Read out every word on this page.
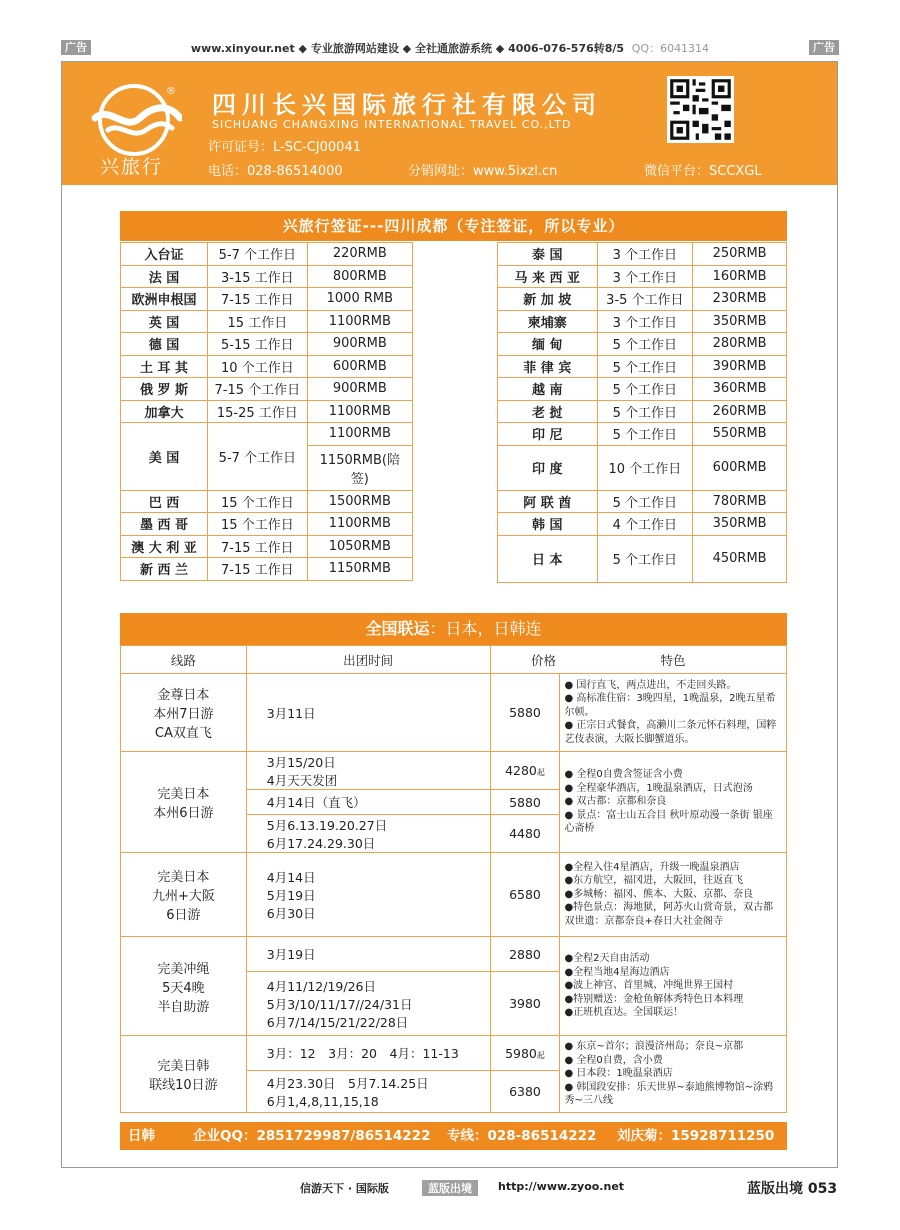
广告	广告
www.xinyour.net ◆ 专业旅游网站建设 ◆ 全社通旅游系统 ◆ 4006-076-576转8/5 QQ：6041314
®
兴旅行
四川长兴国际旅行社有限公司
SICHUANG CHANGXING INTERNATIONAL TRAVEL CO.,LTD
许可证号：L-SC-CJ00041
电话：028-86514000	分销网址：www.5ixzl.cn	微信平台：SCCXGL
兴旅行签证---四川成都（专注签证，所以专业）
入台证	5-7 个工作日	220RMB
法 国	3-15 工作日	800RMB
欧洲申根国	7-15 工作日	1000 RMB
英 国	15 工作日	1100RMB
德 国	5-15 工作日	900RMB
土 耳 其	10 个工作日	600RMB
俄 罗 斯	7-15 个工作日	900RMB
加拿大	15-25 工作日	1100RMB
美 国	5-7 个工作日	1100RMB
		1150RMB(陪签)
巴 西	15 个工作日	1500RMB
墨 西 哥	15 个工作日	1100RMB
澳 大 利 亚	7-15 工作日	1050RMB
新 西 兰	7-15 工作日	1150RMB
泰 国	3 个工作日	250RMB
马 来 西 亚	3 个工作日	160RMB
新 加 坡	3-5 个工作日	230RMB
柬埔寨	3 个工作日	350RMB
缅 甸	5 个工作日	280RMB
菲 律 宾	5 个工作日	390RMB
越 南	5 个工作日	360RMB
老 挝	5 个工作日	260RMB
印 尼	5 个工作日	550RMB
印 度	10 个工作日	600RMB
阿 联 酋	5 个工作日	780RMB
韩 国	4 个工作日	350RMB
日 本	5 个工作日	450RMB
全国联运：日本，日韩连
线路	出团时间	价格	特色
金尊日本
本州7日游
CA双直飞	3月11日	5880	● 国行直飞，两点进出，不走回头路。
● 高标准住宿：3晚四星，1晚温泉，2晚五星希尔顿。
● 正宗日式餐食，高濑川二条元怀石料理，国粹艺伎表演，大阪长脚蟹道乐。
完美日本
本州6日游	3月15/20日
4月天天发团	4280起	● 全程0自费含签证含小费
● 全程豪华酒店，1晚温泉酒店，日式泡汤
● 双古都：京都和奈良
● 景点：富士山五合目 秋叶原动漫一条街 银座 心斋桥
	4月14日（直飞）	5880	
	5月6.13.19.20.27日
6月17.24.29.30日	4480	
完美日本
九州+大阪
6日游	4月14日
5月19日
6月30日	6580	●全程入住4星酒店，升级一晚温泉酒店
●东方航空，福冈进，大阪回，往返直飞
●多城畅：福冈、熊本、大阪、京都、奈良
●特色景点：海地狱，阿苏火山赏奇景，双古都双世遗：京都奈良+春日大社金阁寺
完美冲绳
5天4晚
半自助游	3月19日	2880	●全程2天自由活动
●全程当地4星海边酒店
●波上神宫、首里城、冲绳世界王国村
●特别赠送：金枪鱼解体秀特色日本料理
●正班机直达。全国联运！
	4月11/12/19/26日
5月3/10/11/17//24/31日
6月7/14/15/21/22/28日	3980	
完美日韩
联线10日游	3月：12　3月：20　4月：11-13	5980起	● 东京~首尔；浪漫济州岛；奈良~京都
● 全程0自费，含小费
● 日本段：1晚温泉酒店
● 韩国段安排：乐天世界~泰迪熊博物馆~涂鸦秀~三八线
	4月23.30日　5月7.14.25日
6月1,4,8,11,15,18	6380	
日韩	企业QQ：2851729987/86514222 专线：028-86514222 刘庆菊：15928711250
信游天下 · 国际版	蓝版出境	http://www.zyoo.net	蓝版出境 053
